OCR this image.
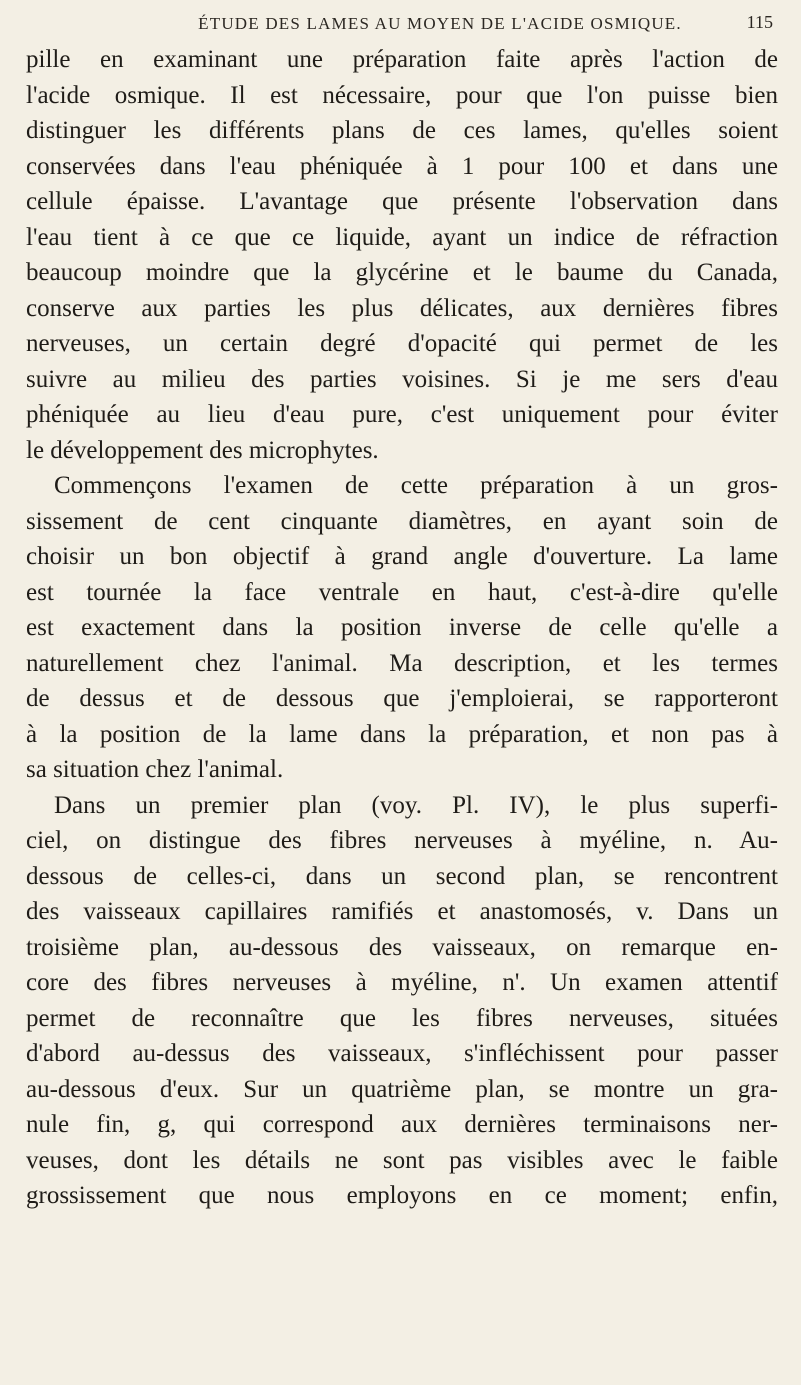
ÉTUDE DES LAMES AU MOYEN DE L'ACIDE OSMIQUE.	115
pille en examinant une préparation faite après l'action de
l'acide osmique. Il est nécessaire, pour que l'on puisse bien
distinguer les différents plans de ces lames, qu'elles soient
conservées dans l'eau phéniquée à 1 pour 100 et dans une
cellule épaisse. L'avantage que présente l'observation dans
l'eau tient à ce que ce liquide, ayant un indice de réfraction
beaucoup moindre que la glycérine et le baume du Canada,
conserve aux parties les plus délicates, aux dernières fibres
nerveuses, un certain degré d'opacité qui permet de les
suivre au milieu des parties voisines. Si je me sers d'eau
phéniquée au lieu d'eau pure, c'est uniquement pour éviter
le développement des microphytes.
Commençons l'examen de cette préparation à un gros-
sissement de cent cinquante diamètres, en ayant soin de
choisir un bon objectif à grand angle d'ouverture. La lame
est tournée la face ventrale en haut, c'est-à-dire qu'elle
est exactement dans la position inverse de celle qu'elle a
naturellement chez l'animal. Ma description, et les termes
de dessus et de dessous que j'emploierai, se rapporteront
à la position de la lame dans la préparation, et non pas à
sa situation chez l'animal.
Dans un premier plan (voy. Pl. IV), le plus superfi-
ciel, on distingue des fibres nerveuses à myéline, n. Au-
dessous de celles-ci, dans un second plan, se rencontrent
des vaisseaux capillaires ramifiés et anastomosés, v. Dans un
troisième plan, au-dessous des vaisseaux, on remarque en-
core des fibres nerveuses à myéline, n'. Un examen attentif
permet de reconnaître que les fibres nerveuses, situées
d'abord au-dessus des vaisseaux, s'infléchissent pour passer
au-dessous d'eux. Sur un quatrième plan, se montre un gra-
nule fin, g, qui correspond aux dernières terminaisons ner-
veuses, dont les détails ne sont pas visibles avec le faible
grossissement que nous employons en ce moment; enfin,
